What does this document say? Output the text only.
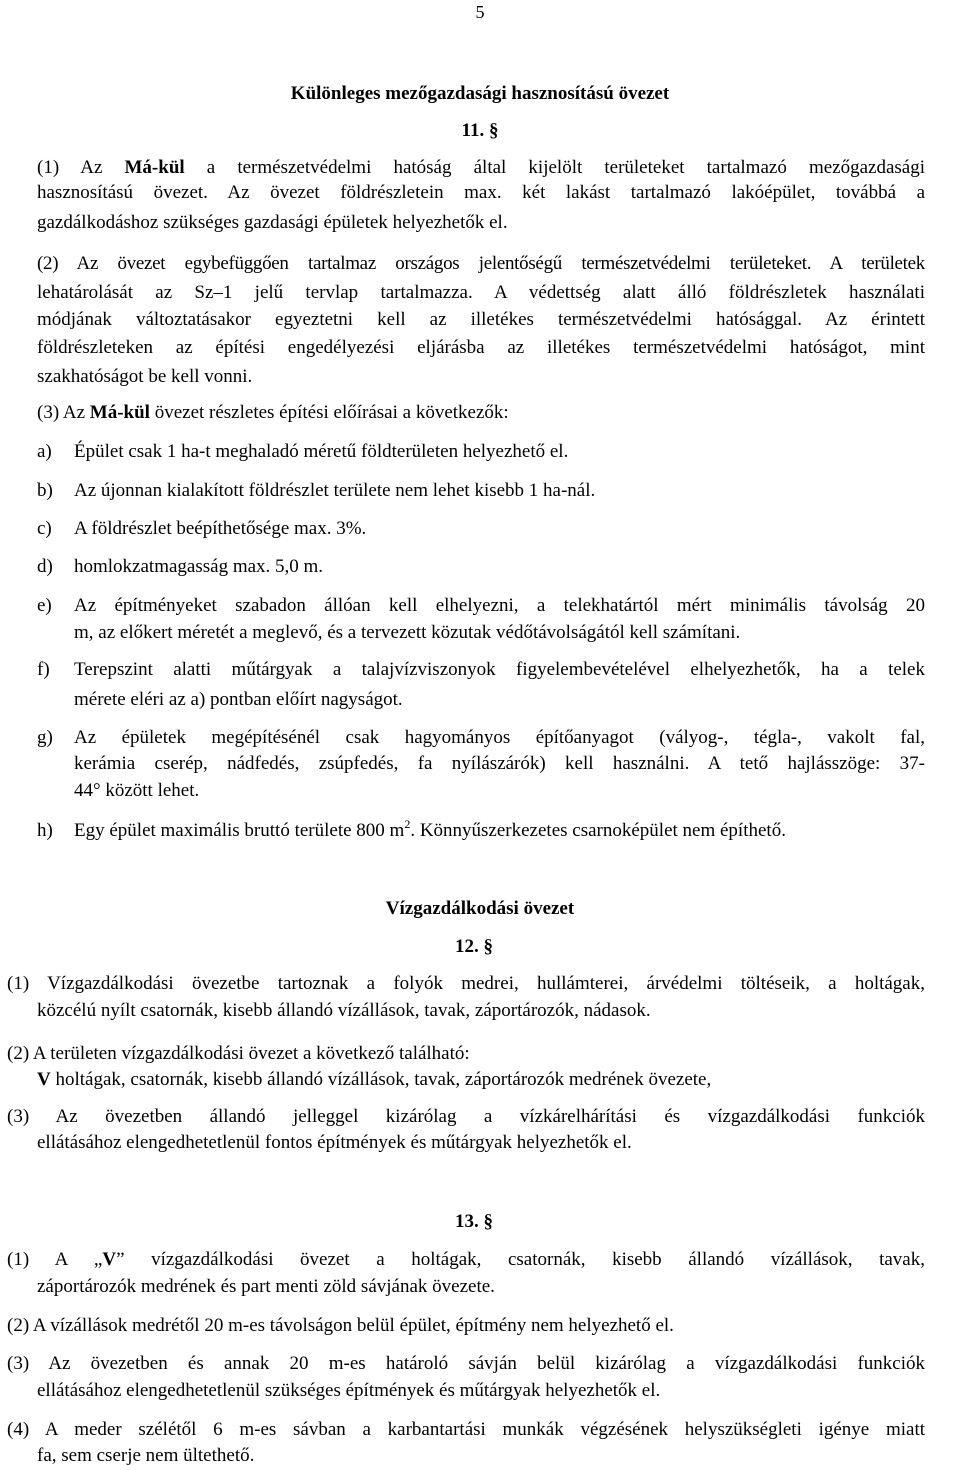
5
Különleges mezőgazdasági hasznosítású övezet
11. §
(1) Az Má-kül a természetvédelmi hatóság által kijelölt területeket tartalmazó mezőgazdasági
hasznosítású övezet. Az övezet földrészletein max. két lakást tartalmazó lakóépület, továbbá a
gazdálkodáshoz szükséges gazdasági épületek helyezhetők el.
(2) Az övezet egybefüggően tartalmaz országos jelentőségű természetvédelmi területeket. A területek
lehatárolását az Sz–1 jelű tervlap tartalmazza. A védettség alatt álló földrészletek használati
módjának változtatásakor egyeztetni kell az illetékes természetvédelmi hatósággal. Az érintett
földrészleteken az építési engedélyezési eljárásba az illetékes természetvédelmi hatóságot, mint
szakhatóságot be kell vonni.
(3) Az Má-kül övezet részletes építési előírásai a következők:
a) Épület csak 1 ha-t meghaladó méretű földterületen helyezhető el.
b) Az újonnan kialakított földrészlet területe nem lehet kisebb 1 ha-nál.
c) A földrészlet beépíthetősége max. 3%.
d) homlokzatmagasság max. 5,0 m.
e) Az építményeket szabadon állóan kell elhelyezni, a telekhatártól mért minimális távolság 20
m, az előkert méretét a meglevő, és a tervezett közutak védőtávolságától kell számítani.
f) Terepszint alatti műtárgyak a talajvízviszonyok figyelembevételével elhelyezhetők, ha a telek
mérete eléri az a) pontban előírt nagyságot.
g) Az épületek megépítésénél csak hagyományos építőanyagot (vályog-, tégla-, vakolt fal,
kerámia cserép, nádfedés, zsúpfedés, fa nyílászárók) kell használni. A tető hajlásszöge: 37-
44° között lehet.
h) Egy épület maximális bruttó területe 800 $m^2$. Könnyűszerkezetes csarnoképület nem építhető.
Vízgazdálkodási övezet
12. §
(1) Vízgazdálkodási övezetbe tartoznak a folyók medrei, hullámterei, árvédelmi töltéseik, a holtágak,
közcélú nyílt csatornák, kisebb állandó vízállások, tavak, záportározók, nádasok.
(2) A területen vízgazdálkodási övezet a következő található:
V holtágak, csatornák, kisebb állandó vízállások, tavak, záportározók medrének övezete,
(3) Az övezetben állandó jelleggel kizárólag a vízkárelhárítási és vízgazdálkodási funkciók
ellátásához elengedhetetlenül fontos építmények és műtárgyak helyezhetők el.
13. §
(1) A „V” vízgazdálkodási övezet a holtágak, csatornák, kisebb állandó vízállások, tavak,
záportározók medrének és part menti zöld sávjának övezete.
(2) A vízállások medrétől 20 m-es távolságon belül épület, építmény nem helyezhető el.
(3) Az övezetben és annak 20 m-es határoló sávján belül kizárólag a vízgazdálkodási funkciók
ellátásához elengedhetetlenül szükséges építmények és műtárgyak helyezhetők el.
(4) A meder szélétől 6 m-es sávban a karbantartási munkák végzésének helyszükségleti igénye miatt
fa, sem cserje nem ültethető.
